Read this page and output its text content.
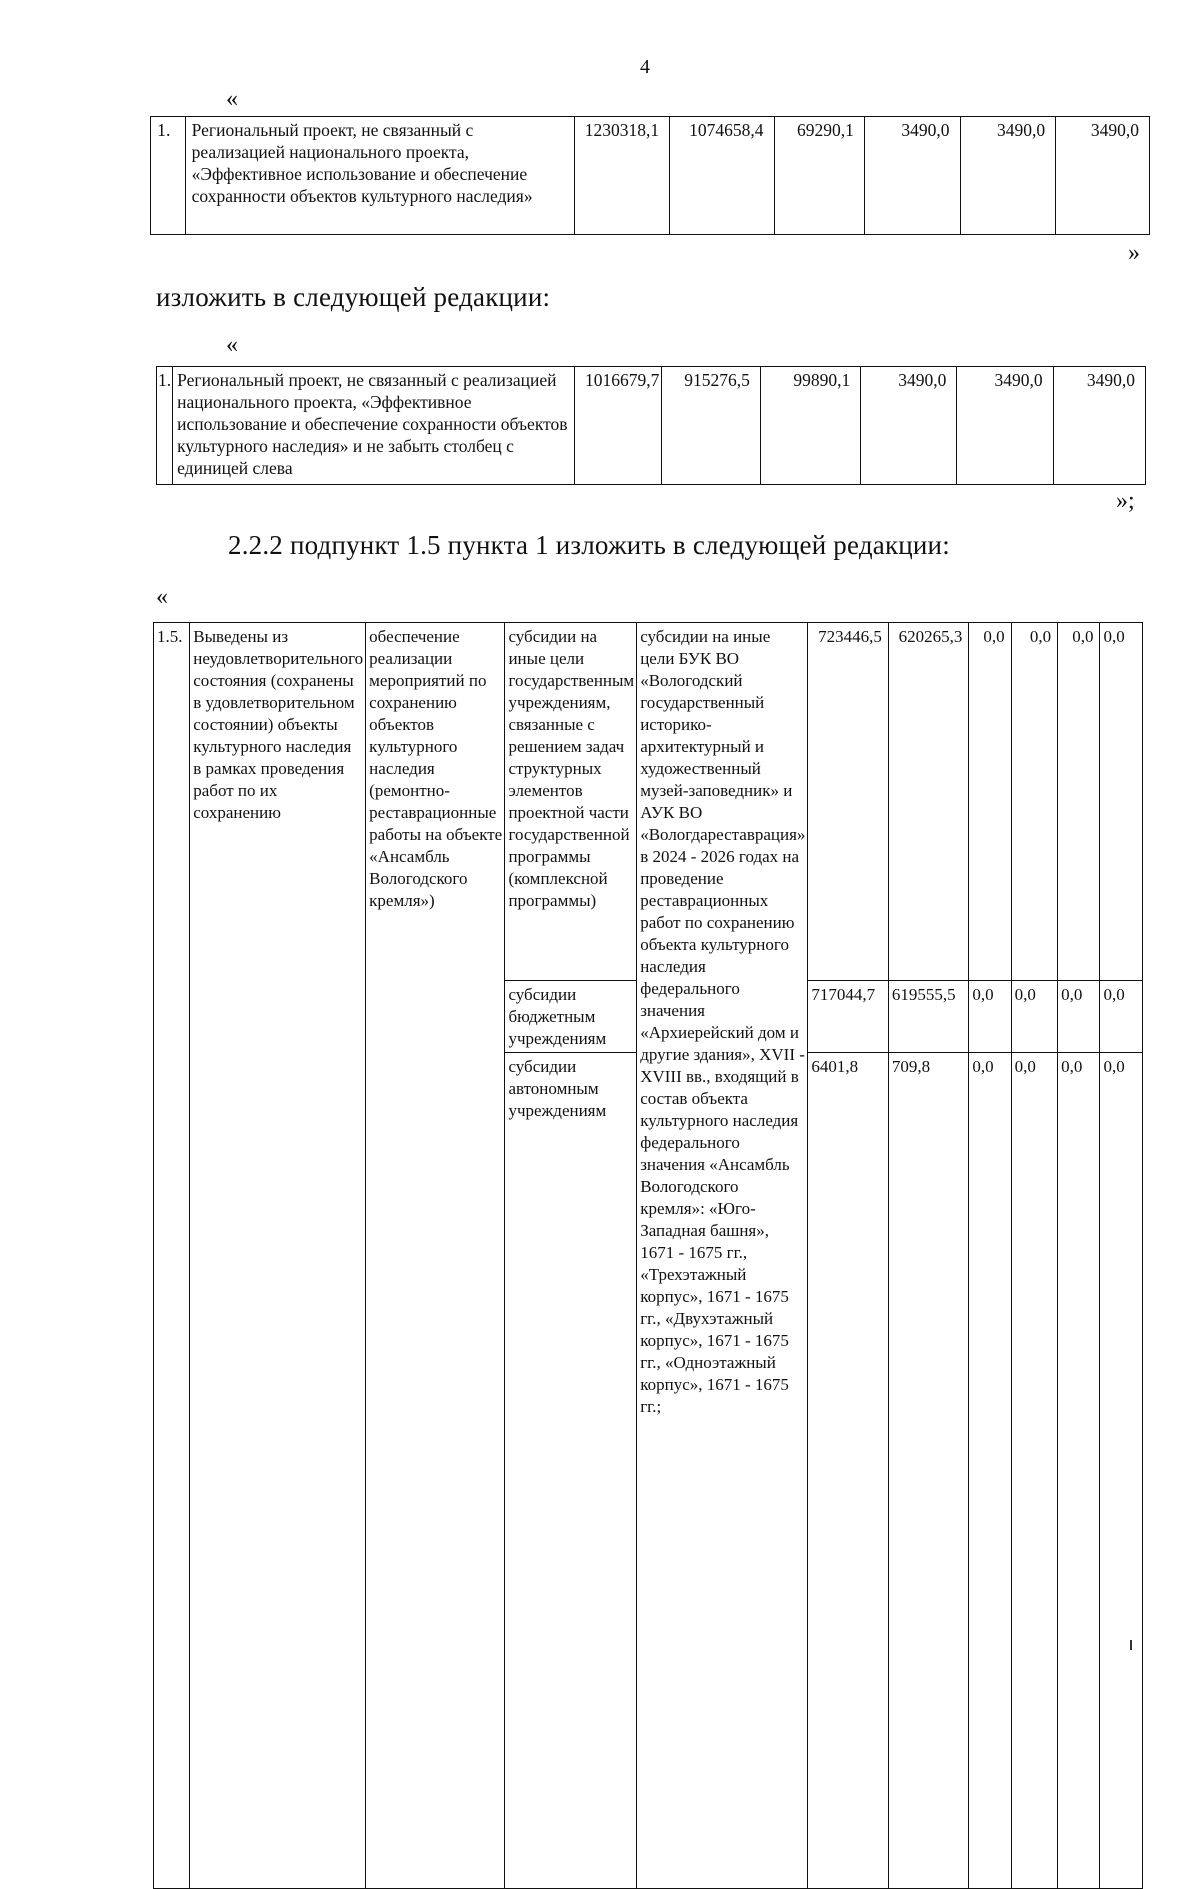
4
«
1.	Региональный проект, не связанный с реализацией национального проекта, «Эффективное использование и обеспечение сохранности объектов культурного наследия»	1230318,1	1074658,4	69290,1	3490,0	3490,0	3490,0
»
изложить в следующей редакции:
«
1.	Региональный проект, не связанный с реализацией национального проекта, «Эффективное использование и обеспечение сохранности объектов культурного наследия» и не забыть столбец с единицей слева	1016679,7	915276,5	99890,1	3490,0	3490,0	3490,0
»;
2.2.2 подпункт 1.5 пункта 1 изложить в следующей редакции:
«
1.5.	Выведены из неудовлетворительного состояния (сохранены в удовлетворительном состоянии) объекты культурного наследия в рамках проведения работ по их сохранению	обеспечение реализации мероприятий по сохранению объектов культурного наследия (ремонтно-реставрационные работы на объекте «Ансамбль Вологодского кремля»)	субсидии на иные цели государственным учреждениям, связанные с решением задач структурных элементов проектной части государственной программы (комплексной программы)	субсидии на иные цели БУК ВО «Вологодский государственный историко-архитектурный и художественный музей-заповедник» и АУК ВО «Вологдареставрация» в 2024 - 2026 годах на проведение реставрационных работ по сохранению объекта культурного наследия федерального значения «Архиерейский дом и другие здания», XVII - XVIII вв., входящий в состав объекта культурного наследия федерального значения «Ансамбль Вологодского кремля»: «Юго-Западная башня», 1671 - 1675 гг., «Трехэтажный корпус», 1671 - 1675 гг., «Двухэтажный корпус», 1671 - 1675 гг., «Одноэтажный корпус», 1671 - 1675 гг.;	723446,5	620265,3	0,0	0,0	0,0	0,0
			субсидии бюджетным учреждениям		717044,7	619555,5	0,0	0,0	0,0	0,0
			субсидии автономным учреждениям		6401,8	709,8	0,0	0,0	0,0	0,0
